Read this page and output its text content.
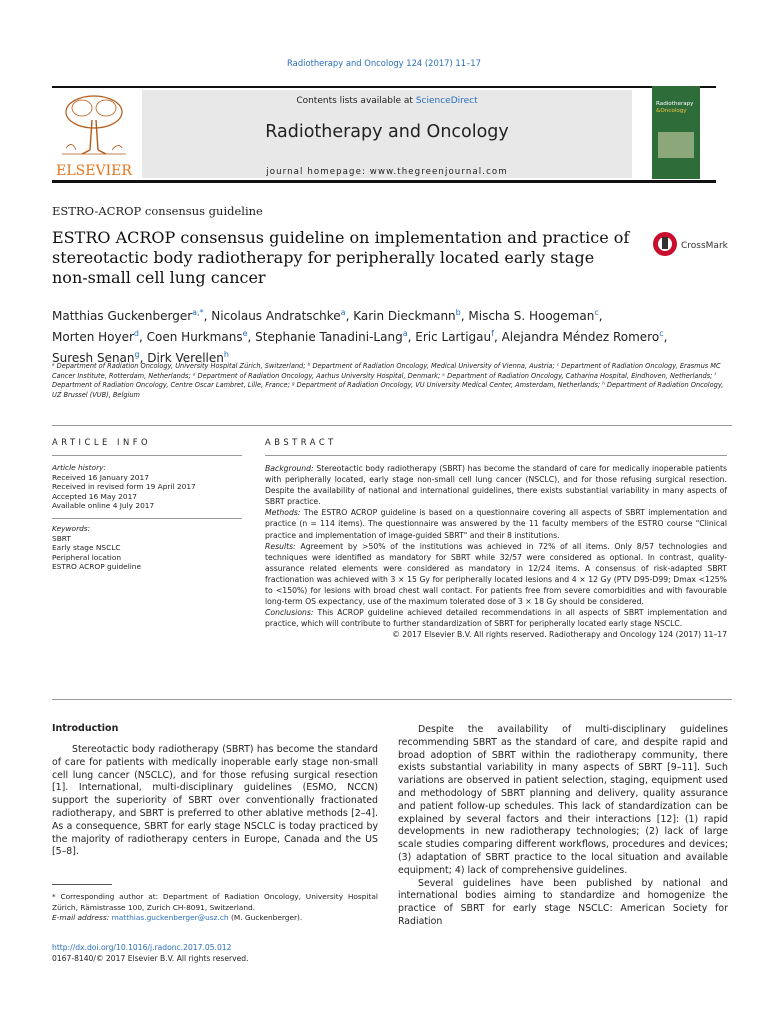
Radiotherapy and Oncology 124 (2017) 11–17
ELSEVIER
Contents lists available at ScienceDirect
Radiotherapy and Oncology
journal homepage: www.thegreenjournal.com
Radiotherapy
&Oncology
ESTRO-ACROP consensus guideline
ESTRO ACROP consensus guideline on implementation and practice of stereotactic body radiotherapy for peripherally located early stage non-small cell lung cancer
CrossMark
Matthias Guckenberger$^{a,*}$, Nicolaus Andratschke$^a$, Karin Dieckmann$^b$, Mischa S. Hoogeman$^c$,
Morten Hoyer$^d$, Coen Hurkmans$^e$, Stephanie Tanadini-Lang$^a$, Eric Lartigau$^f$, Alejandra Méndez Romero$^c$,
Suresh Senan$^g$, Dirk Verellen$^h$
ᵃ Department of Radiation Oncology, University Hospital Zürich, Switzerland; ᵇ Department of Radiation Oncology, Medical University of Vienna, Austria; ᶜ Department of Radiation Oncology, Erasmus MC Cancer Institute, Rotterdam, Netherlands; ᵈ Department of Radiation Oncology, Aarhus University Hospital, Denmark; ᵉ Department of Radiation Oncology, Catharina Hospital, Eindhoven, Netherlands; ᶠ Department of Radiation Oncology, Centre Oscar Lambret, Lille, France; ᵍ Department of Radiation Oncology, VU University Medical Center, Amsterdam, Netherlands; ʰ Department of Radiation Oncology, UZ Brussel (VUB), Belgium
ARTICLE INFO	ABSTRACT
Article history:
Received 16 January 2017
Received in revised form 19 April 2017
Accepted 16 May 2017
Available online 4 July 2017
Keywords:
SBRT
Early stage NSCLC
Peripheral location
ESTRO ACROP guideline

Background: Stereotactic body radiotherapy (SBRT) has become the standard of care for medically inoperable patients with peripherally located, early stage non-small cell lung cancer (NSCLC), and for those refusing surgical resection. Despite the availability of national and international guidelines, there exists substantial variability in many aspects of SBRT practice.

Methods: The ESTRO ACROP guideline is based on a questionnaire covering all aspects of SBRT implementation and practice (n = 114 items). The questionnaire was answered by the 11 faculty members of the ESTRO course "Clinical practice and implementation of image-guided SBRT" and their 8 institutions.

Results: Agreement by >50% of the institutions was achieved in 72% of all items. Only 8/57 technologies and techniques were identified as mandatory for SBRT while 32/57 were considered as optional. In contrast, quality-assurance related elements were considered as mandatory in 12/24 items. A consensus of risk-adapted SBRT fractionation was achieved with 3 × 15 Gy for peripherally located lesions and 4 × 12 Gy (PTV D95-D99; Dmax <125% to <150%) for lesions with broad chest wall contact. For patients free from severe comorbidities and with favourable long-term OS expectancy, use of the maximum tolerated dose of 3 × 18 Gy should be considered.

Conclusions: This ACROP guideline achieved detailed recommendations in all aspects of SBRT implementation and practice, which will contribute to further standardization of SBRT for peripherally located early stage NSCLC.

© 2017 Elsevier B.V. All rights reserved. Radiotherapy and Oncology 124 (2017) 11–17

Introduction

Stereotactic body radiotherapy (SBRT) has become the standard of care for patients with medically inoperable early stage non-small cell lung cancer (NSCLC), and for those refusing surgical resection [1]. International, multi-disciplinary guidelines (ESMO, NCCN) support the superiority of SBRT over conventionally fractionated radiotherapy, and SBRT is preferred to other ablative methods [2–4]. As a consequence, SBRT for early stage NSCLC is today practiced by the majority of radiotherapy centers in Europe, Canada and the US [5–8].

Despite the availability of multi-disciplinary guidelines recommending SBRT as the standard of care, and despite rapid and broad adoption of SBRT within the radiotherapy community, there exists substantial variability in many aspects of SBRT [9–11]. Such variations are observed in patient selection, staging, equipment used and methodology of SBRT planning and delivery, quality assurance and patient follow-up schedules. This lack of standardization can be explained by several factors and their interactions [12]: (1) rapid developments in new radiotherapy technologies; (2) lack of large scale studies comparing different workflows, procedures and devices; (3) adaptation of SBRT practice to the local situation and available equipment; 4) lack of comprehensive guidelines.

Several guidelines have been published by national and international bodies aiming to standardize and homogenize the practice of SBRT for early stage NSCLC: American Society for Radiation

* Corresponding author at: Department of Radiation Oncology, University Hospital Zürich, Rämistrasse 100, Zurich CH-8091, Switzerland.
E-mail address: matthias.guckenberger@usz.ch (M. Guckenberger).
http://dx.doi.org/10.1016/j.radonc.2017.05.012
0167-8140/© 2017 Elsevier B.V. All rights reserved.
